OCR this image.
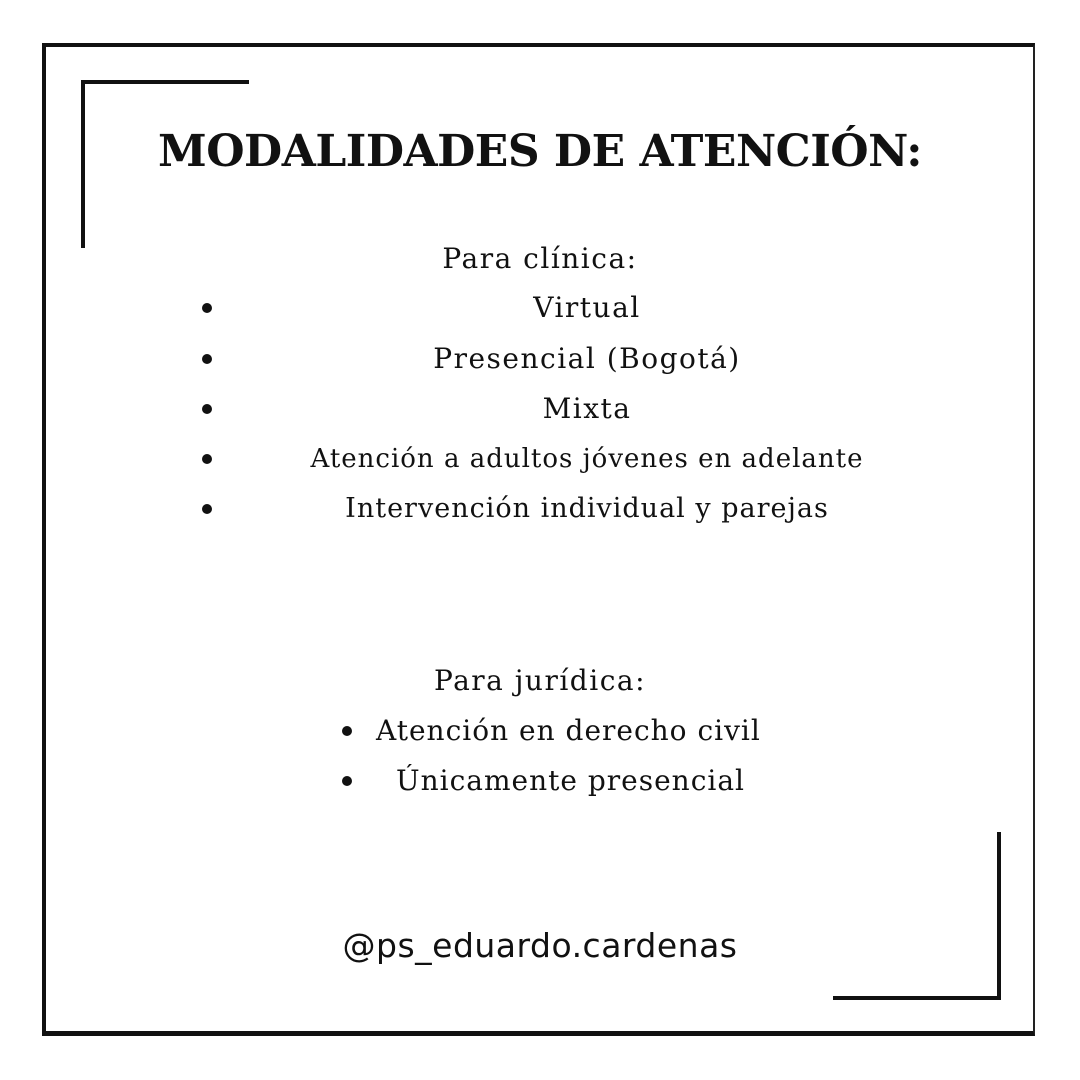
MODALIDADES DE ATENCIÓN:
Para clínica:
Virtual
Presencial (Bogotá)
Mixta
Atención a adultos jóvenes en adelante
Intervención individual y parejas
Para jurídica:
Atención en derecho civil
Únicamente presencial

@ps_eduardo.cardenas
